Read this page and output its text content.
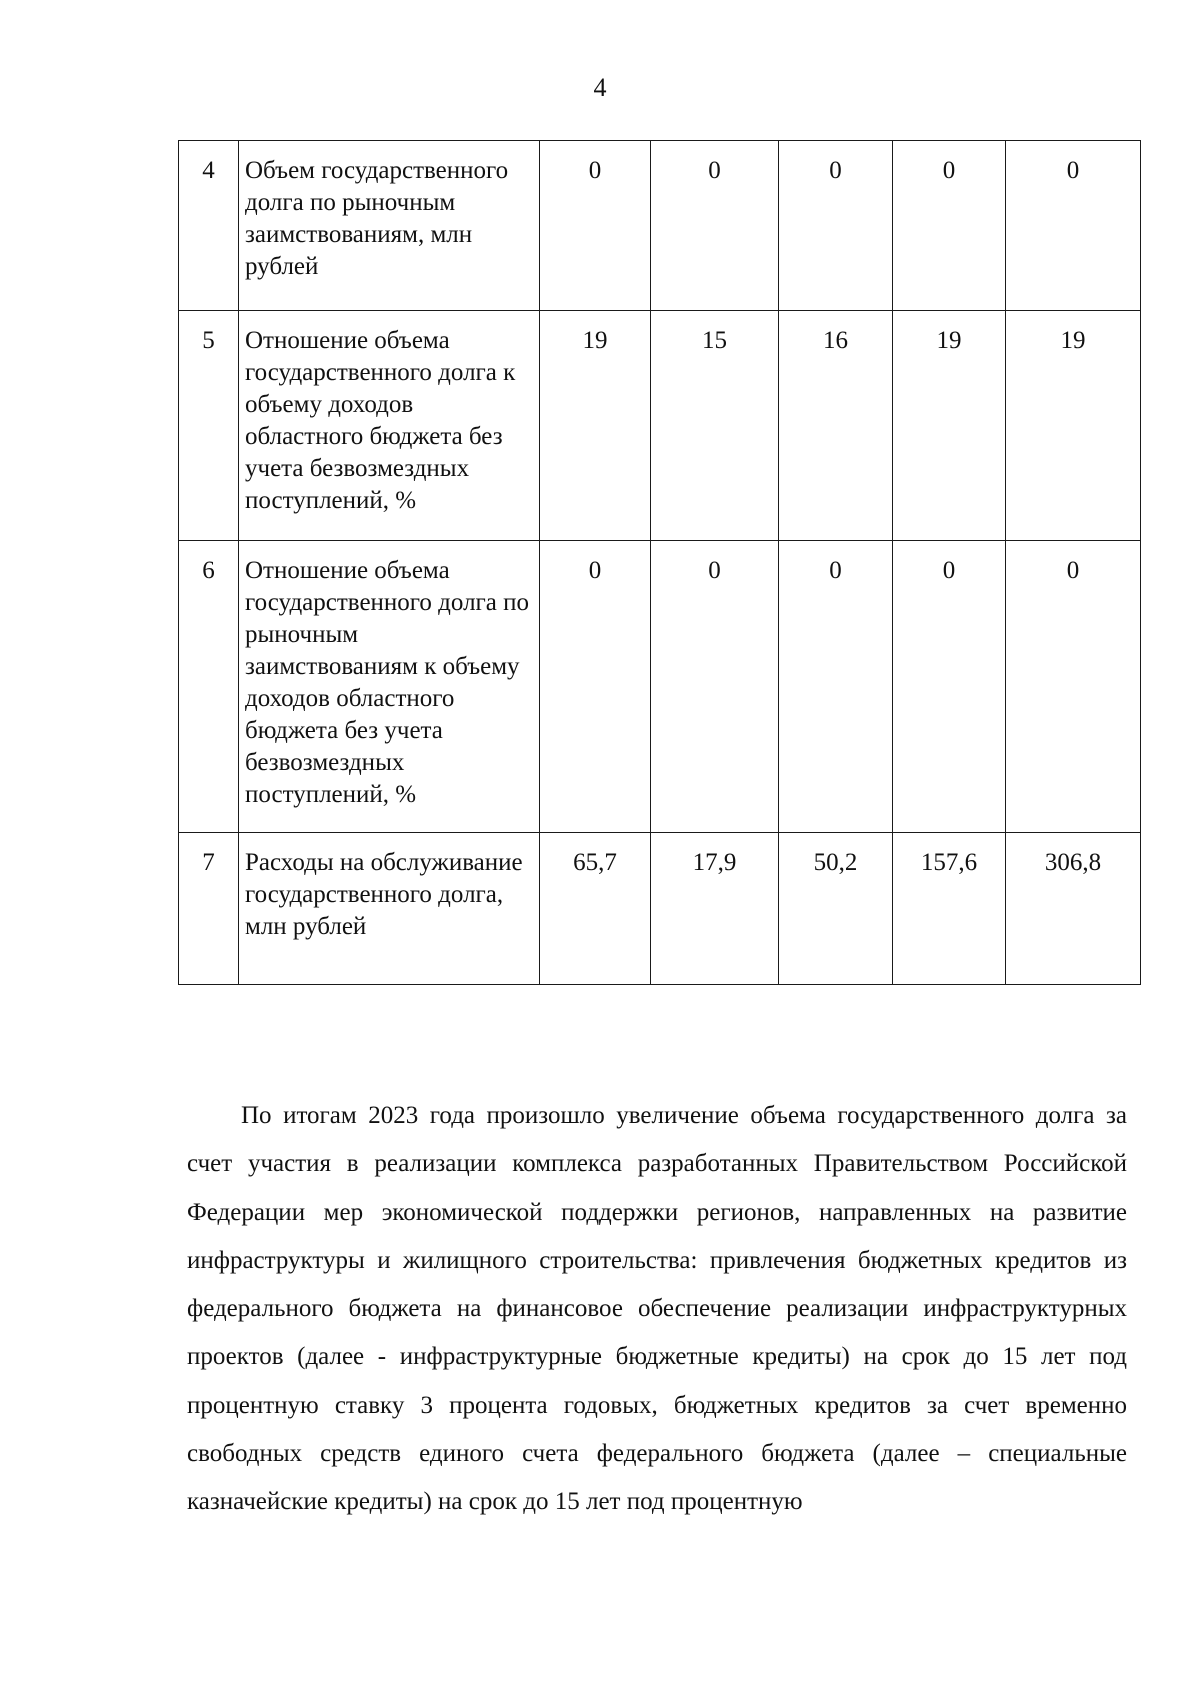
4
4	Объем государственного долга по рыночным заимствованиям, млн рублей	0	0	0	0	0
5	Отношение объема государственного долга к объему доходов областного бюджета без учета безвозмездных поступлений, %	19	15	16	19	19
6	Отношение объема государственного долга по рыночным заимствованиям к объему доходов областного бюджета без учета безвозмездных поступлений, %	0	0	0	0	0
7	Расходы на обслуживание государственного долга, млн рублей	65,7	17,9	50,2	157,6	306,8

По итогам 2023 года произошло увеличение объема государственного долга за счет участия в реализации комплекса разработанных Правительством Российской Федерации мер экономической поддержки регионов, направленных на развитие инфраструктуры и жилищного строительства: привлечения бюджетных кредитов из федерального бюджета на финансовое обеспечение реализации инфраструктурных проектов (далее - инфраструктурные бюджетные кредиты) на срок до 15 лет под процентную ставку 3 процента годовых, бюджетных кредитов за счет временно свободных средств единого счета федерального бюджета (далее – специальные казначейские кредиты) на срок до 15 лет под процентную
